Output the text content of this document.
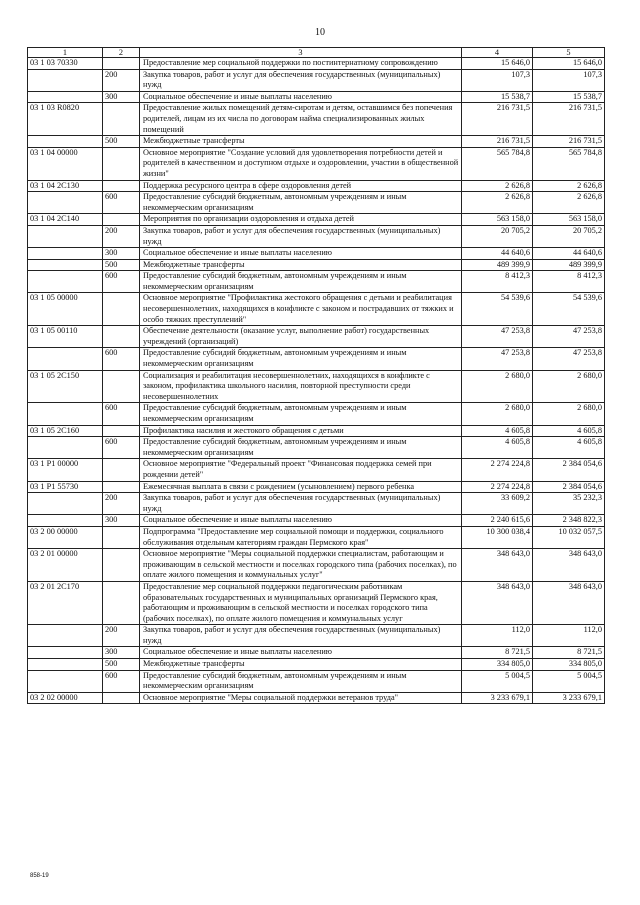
10
1	2	3	4	5
03 1 03 70330		Предоставление мер социальной поддержки по постинтернатному сопровождению	15 646,0	15 646,0
	200	Закупка товаров, работ и услуг для обеспечения государственных (муниципальных) нужд	107,3	107,3
	300	Социальное обеспечение и иные выплаты населению	15 538,7	15 538,7
03 1 03 R0820		Предоставление жилых помещений детям-сиротам и детям, оставшимся без попечения родителей, лицам из их числа по договорам найма специализированных жилых помещений	216 731,5	216 731,5
	500	Межбюджетные трансферты	216 731,5	216 731,5
03 1 04 00000		Основное мероприятие "Создание условий для удовлетворения потребности детей и родителей в качественном и доступном отдыхе и оздоровлении, участии в общественной жизни"	565 784,8	565 784,8
03 1 04 2C130		Поддержка ресурсного центра в сфере оздоровления детей	2 626,8	2 626,8
	600	Предоставление субсидий бюджетным, автономным учреждениям и иным некоммерческим организациям	2 626,8	2 626,8
03 1 04 2C140		Мероприятия по организации оздоровления и отдыха детей	563 158,0	563 158,0
	200	Закупка товаров, работ и услуг для обеспечения государственных (муниципальных) нужд	20 705,2	20 705,2
	300	Социальное обеспечение и иные выплаты населению	44 640,6	44 640,6
	500	Межбюджетные трансферты	489 399,9	489 399,9
	600	Предоставление субсидий бюджетным, автономным учреждениям и иным некоммерческим организациям	8 412,3	8 412,3
03 1 05 00000		Основное мероприятие "Профилактика жестокого обращения с детьми и реабилитация несовершеннолетних, находящихся в конфликте с законом и пострадавших от тяжких и особо тяжких преступлений"	54 539,6	54 539,6
03 1 05 00110		Обеспечение деятельности (оказание услуг, выполнение работ) государственных учреждений (организаций)	47 253,8	47 253,8
	600	Предоставление субсидий бюджетным, автономным учреждениям и иным некоммерческим организациям	47 253,8	47 253,8
03 1 05 2C150		Социализация и реабилитация несовершеннолетних, находящихся в конфликте с законом, профилактика школьного насилия, повторной преступности среди несовершеннолетних	2 680,0	2 680,0
	600	Предоставление субсидий бюджетным, автономным учреждениям и иным некоммерческим организациям	2 680,0	2 680,0
03 1 05 2C160		Профилактика насилия и жестокого обращения с детьми	4 605,8	4 605,8
	600	Предоставление субсидий бюджетным, автономным учреждениям и иным некоммерческим организациям	4 605,8	4 605,8
03 1 P1 00000		Основное мероприятие "Федеральный проект "Финансовая поддержка семей при рождении детей"	2 274 224,8	2 384 054,6
03 1 P1 55730		Ежемесячная выплата в связи с рождением (усыновлением) первого ребенка	2 274 224,8	2 384 054,6
	200	Закупка товаров, работ и услуг для обеспечения государственных (муниципальных) нужд	33 609,2	35 232,3
	300	Социальное обеспечение и иные выплаты населению	2 240 615,6	2 348 822,3
03 2 00 00000		Подпрограмма "Предоставление мер социальной помощи и поддержки, социального обслуживания отдельным категориям граждан Пермского края"	10 300 038,4	10 032 057,5
03 2 01 00000		Основное мероприятие "Меры социальной поддержки специалистам, работающим и проживающим в сельской местности и поселках городского типа (рабочих поселках), по оплате жилого помещения и коммунальных услуг"	348 643,0	348 643,0
03 2 01 2C170		Предоставление мер социальной поддержки педагогическим работникам образовательных государственных и муниципальных организаций Пермского края, работающим и проживающим в сельской местности и поселках городского типа (рабочих поселках), по оплате жилого помещения и коммунальных услуг	348 643,0	348 643,0
	200	Закупка товаров, работ и услуг для обеспечения государственных (муниципальных) нужд	112,0	112,0
	300	Социальное обеспечение и иные выплаты населению	8 721,5	8 721,5
	500	Межбюджетные трансферты	334 805,0	334 805,0
	600	Предоставление субсидий бюджетным, автономным учреждениям и иным некоммерческим организациям	5 004,5	5 004,5
03 2 02 00000		Основное мероприятие "Меры социальной поддержки ветеранов труда"	3 233 679,1	3 233 679,1
858-19
